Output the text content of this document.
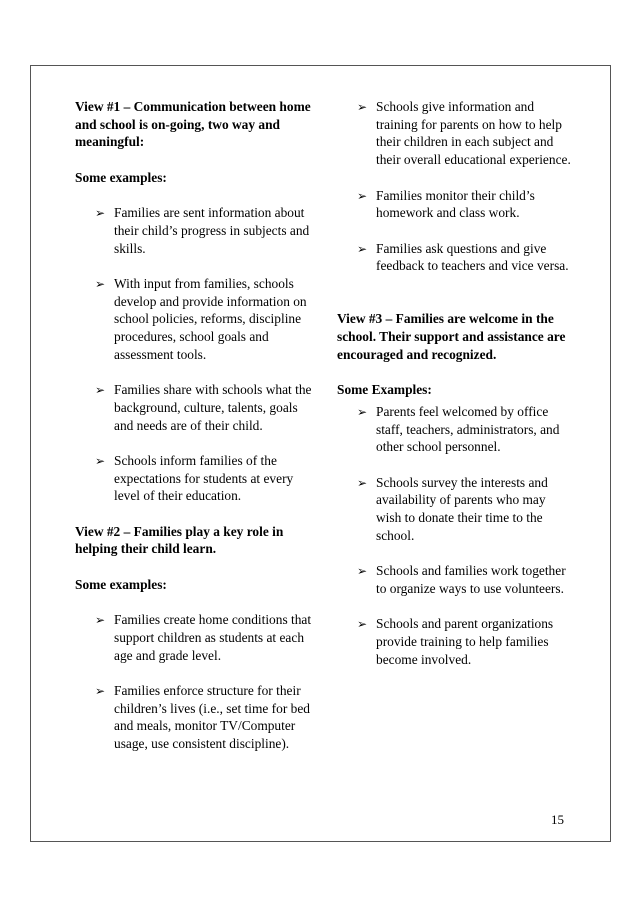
View #1 – Communication between home and school is on-going, two way and meaningful:

Some examples:

➢ Families are sent information about their child’s progress in subjects and skills.
➢ With input from families, schools develop and provide information on school policies, reforms, discipline procedures, school goals and assessment tools.
➢ Families share with schools what the background, culture, talents, goals and needs are of their child.
➢ Schools inform families of the expectations for students at every level of their education.

View #2 – Families play a key role in helping their child learn.

Some examples:

➢ Families create home conditions that support children as students at each age and grade level.
➢ Families enforce structure for their children’s lives (i.e., set time for bed and meals, monitor TV/Computer usage, use consistent discipline).
➢ Schools give information and training for parents on how to help their children in each subject and their overall educational experience.
➢ Families monitor their child’s homework and class work.
➢ Families ask questions and give feedback to teachers and vice versa.

View #3 – Families are welcome in the school. Their support and assistance are encouraged and recognized.

Some Examples:

➢ Parents feel welcomed by office staff, teachers, administrators, and other school personnel.
➢ Schools survey the interests and availability of parents who may wish to donate their time to the school.
➢ Schools and families work together to organize ways to use volunteers.
➢ Schools and parent organizations provide training to help families become involved.
15
